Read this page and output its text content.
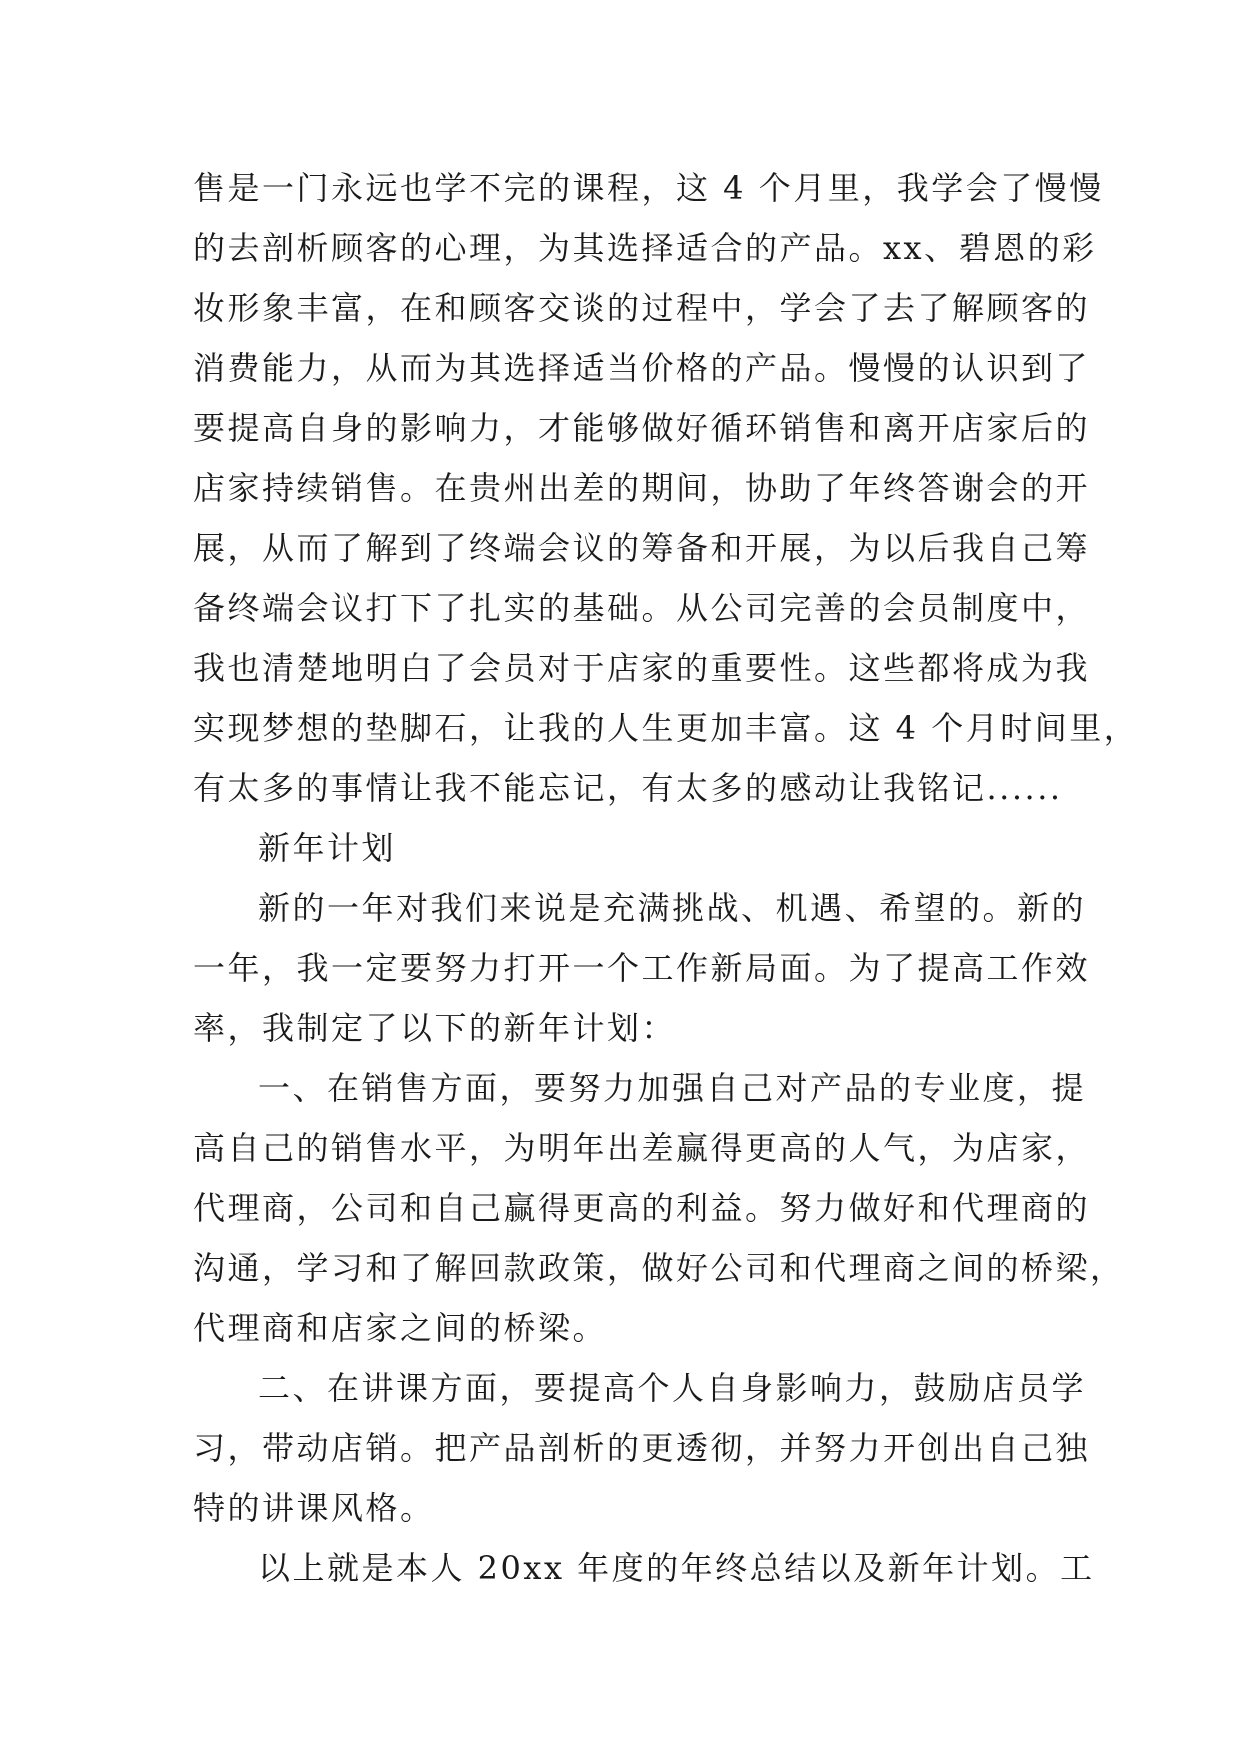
售是一门永远也学不完的课程，这 4 个月里，我学会了慢慢
的去剖析顾客的心理，为其选择适合的产品。xx、碧恩的彩
妆形象丰富，在和顾客交谈的过程中，学会了去了解顾客的
消费能力，从而为其选择适当价格的产品。慢慢的认识到了
要提高自身的影响力，才能够做好循环销售和离开店家后的
店家持续销售。在贵州出差的期间，协助了年终答谢会的开
展，从而了解到了终端会议的筹备和开展，为以后我自己筹
备终端会议打下了扎实的基础。从公司完善的会员制度中，
我也清楚地明白了会员对于店家的重要性。这些都将成为我
实现梦想的垫脚石，让我的人生更加丰富。这 4 个月时间里，
有太多的事情让我不能忘记，有太多的感动让我铭记......
新年计划
新的一年对我们来说是充满挑战、机遇、希望的。新的
一年，我一定要努力打开一个工作新局面。为了提高工作效
率，我制定了以下的新年计划：
一、在销售方面，要努力加强自己对产品的专业度，提
高自己的销售水平，为明年出差赢得更高的人气，为店家，
代理商，公司和自己赢得更高的利益。努力做好和代理商的
沟通，学习和了解回款政策，做好公司和代理商之间的桥梁，
代理商和店家之间的桥梁。
二、在讲课方面，要提高个人自身影响力，鼓励店员学
习，带动店销。把产品剖析的更透彻，并努力开创出自己独
特的讲课风格。
以上就是本人 20xx 年度的年终总结以及新年计划。工
